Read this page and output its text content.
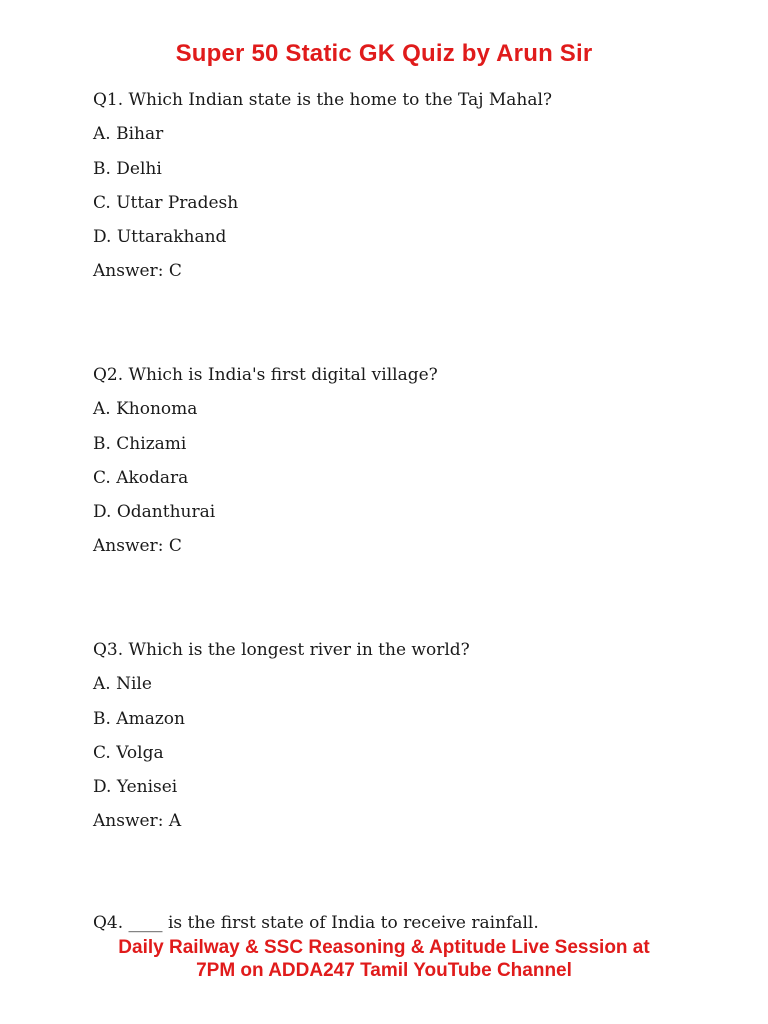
Super 50 Static GK Quiz by Arun Sir
Q1. Which Indian state is the home to the Taj Mahal?
A. Bihar
B. Delhi
C. Uttar Pradesh
D. Uttarakhand
Answer: C
Q2. Which is India's first digital village?
A. Khonoma
B. Chizami
C. Akodara
D. Odanthurai
Answer: C
Q3. Which is the longest river in the world?
A. Nile
B. Amazon
C. Volga
D. Yenisei
Answer: A
Q4. ____ is the first state of India to receive rainfall.
Daily Railway & SSC Reasoning & Aptitude Live Session at
7PM on ADDA247 Tamil YouTube Channel
